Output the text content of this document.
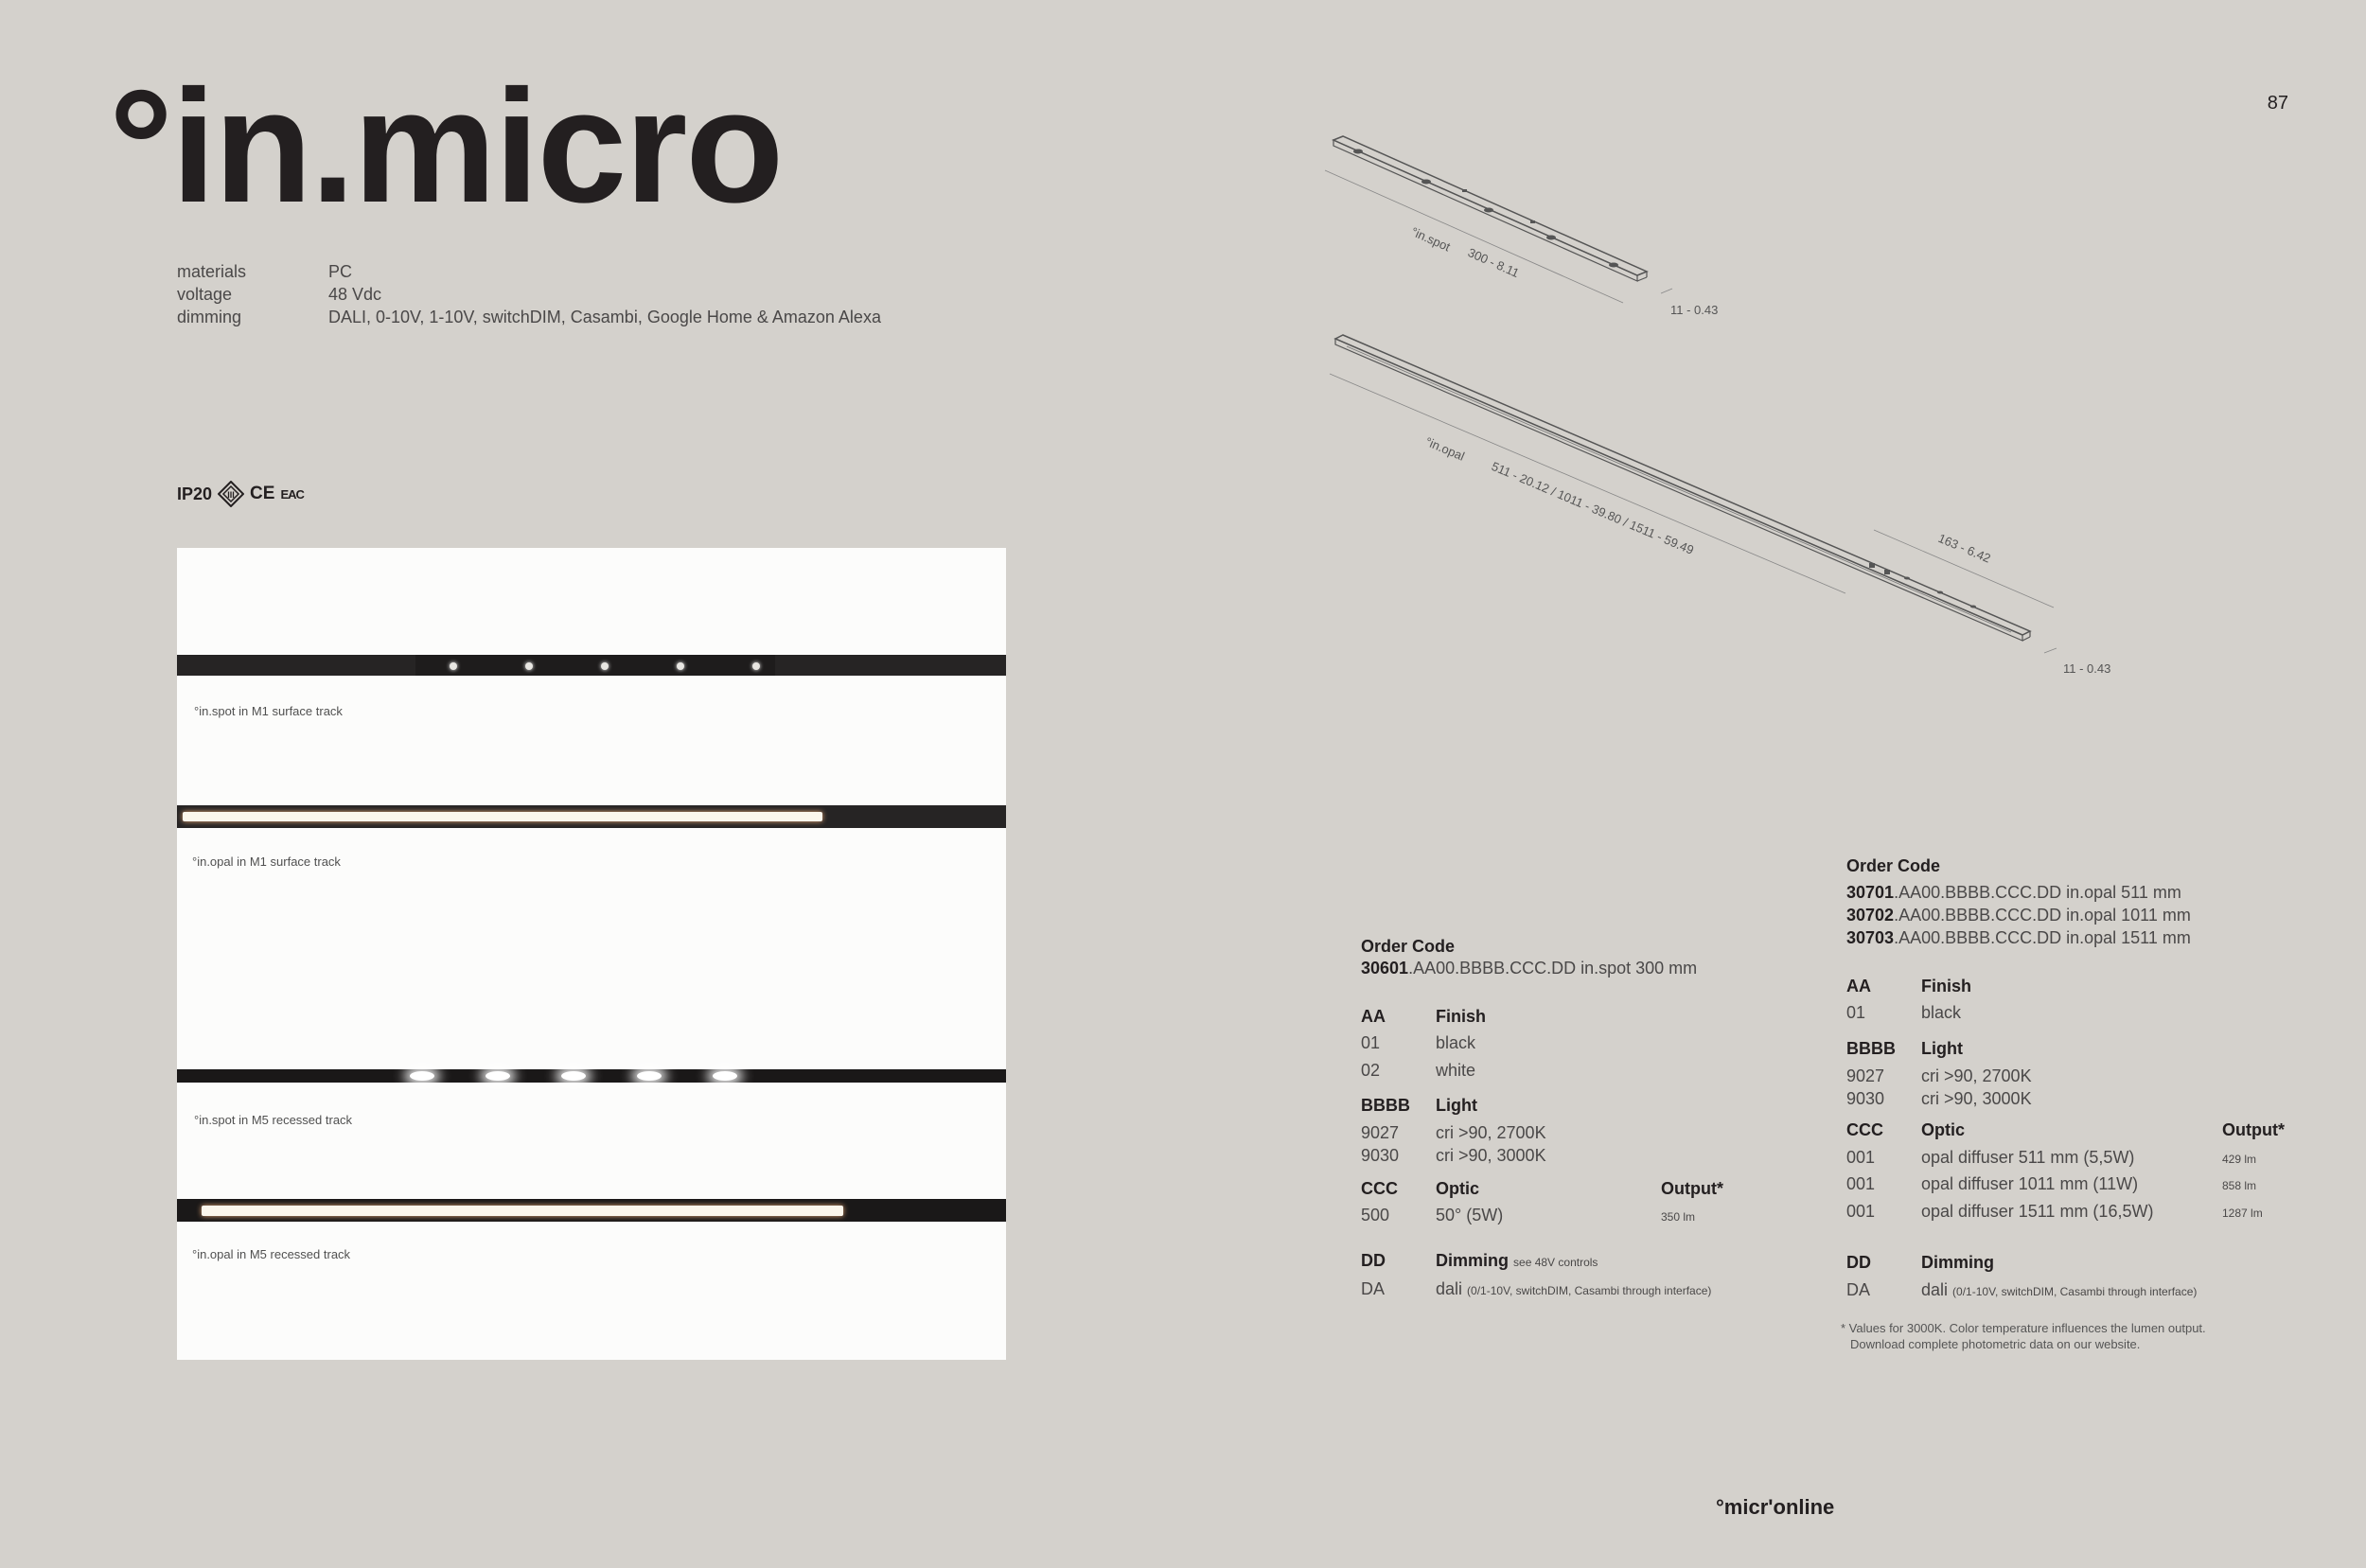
°in.micro	87
materials	PC
voltage	48 Vdc
dimming	DALI, 0-10V, 1-10V, switchDIM, Casambi, Google Home & Amazon Alexa
IP20 III CE EAC
°in.spot in M1 surface track
°in.opal in M1 surface track
°in.spot in M5 recessed track
°in.opal in M5 recessed track
°in.spot
300 - 8.11
11 - 0.43
°in.opal
511 - 20.12 / 1011 - 39.80 / 1511 - 59.49	163 - 6.42
11 - 0.43
Order Code
30601.AA00.BBBB.CCC.DD in.spot 300 mm
AA	Finish
01	black
02	white
BBBB Light
9027 cri >90, 2700K
9030 cri >90, 3000K
CCC Optic	Output*
500	50° (5W)	350 lm
DD	Dimming see 48V controls
DA	dali (0/1-10V, switchDIM, Casambi through interface)
Order Code
30701.AA00.BBBB.CCC.DD in.opal 511 mm
30702.AA00.BBBB.CCC.DD in.opal 1011 mm
30703.AA00.BBBB.CCC.DD in.opal 1511 mm
AA	Finish
01	black
BBBB Light
9027 cri >90, 2700K
9030 cri >90, 3000K
CCC Optic	Output*
001	opal diffuser 511 mm (5,5W)	429 lm
001	opal diffuser 1011 mm (11W)	858 lm
001	opal diffuser 1511 mm (16,5W)	1287 lm
DD	Dimming
DA	dali (0/1-10V, switchDIM, Casambi through interface)
* Values for 3000K. Color temperature influences the lumen output.
Download complete photometric data on our website.
°micr'online
